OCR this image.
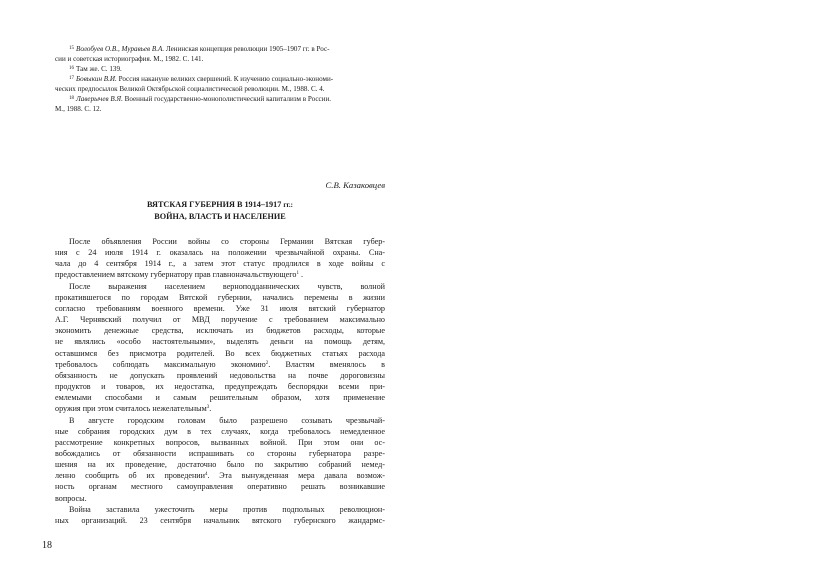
$^{15}$ Волобуев О.В., Муравьев В.А. Ленинская концепция революции 1905–1907 гг. в Рос-

сии и советская историография. М., 1982. С. 141.

$^{16}$ Там же. С. 139.

$^{17}$ Бовыкин В.И. Россия накануне великих свершений. К изучению социально-экономи-

ческих предпосылок Великой Октябрьской социалистической революции. М., 1988. С. 4.

$^{18}$ Лаверычев В.Я. Военный государственно-монополистический капитализм в России.

М., 1988. С. 12.

С.В. Казаковцев
ВЯТСКАЯ ГУБЕРНИЯ В 1914–1917 гг.:
ВОЙНА, ВЛАСТЬ И НАСЕЛЕНИЕ

После объявления России войны со стороны Германии Вятская губер-
ния с 24 июля 1914 г. оказалась на положении чрезвычайной охраны. Сна-
чала до 4 сентября 1914 г., а затем этот статус продлился в ходе войны с
предоставлением вятскому губернатору прав главноначальствующего$^1$ .

После выражения населением верноподданнических чувств, волной
прокатившегося по городам Вятской губернии, начались перемены в жизни
согласно требованиям военного времени. Уже 31 июля вятский губернатор
А.Г. Чернявский получил от МВД поручение с требованием максимально
экономить денежные средства, исключать из бюджетов расходы, которые
не являлись «особо настоятельными», выделять деньги на помощь детям,
оставшимся без присмотра родителей. Во всех бюджетных статьях расхода
требовалось соблюдать максимальную экономию$^2$. Властям вменялось в
обязанность не допускать проявлений недовольства на почве дороговизны
продуктов и товаров, их недостатка, предупреждать беспорядки всеми при-
емлемыми способами и самым решительным образом, хотя применение
оружия при этом считалось нежелательным$^3$.

В августе городским головам было разрешено созывать чрезвычай-
ные собрания городских дум в тех случаях, когда требовалось немедленное
рассмотрение конкретных вопросов, вызванных войной. При этом они ос-
вобождались от обязанности испрашивать со стороны губернатора разре-
шения на их проведение, достаточно было по закрытию собраний немед-
ленно сообщить об их проведении$^4$. Эта вынужденная мера давала возмож-
ность органам местного самоуправления оперативно решать возникавшие
вопросы.

Война заставила ужесточить меры против подпольных революцион-
ных организаций. 23 сентября начальник вятского губернского жандармс-

18
